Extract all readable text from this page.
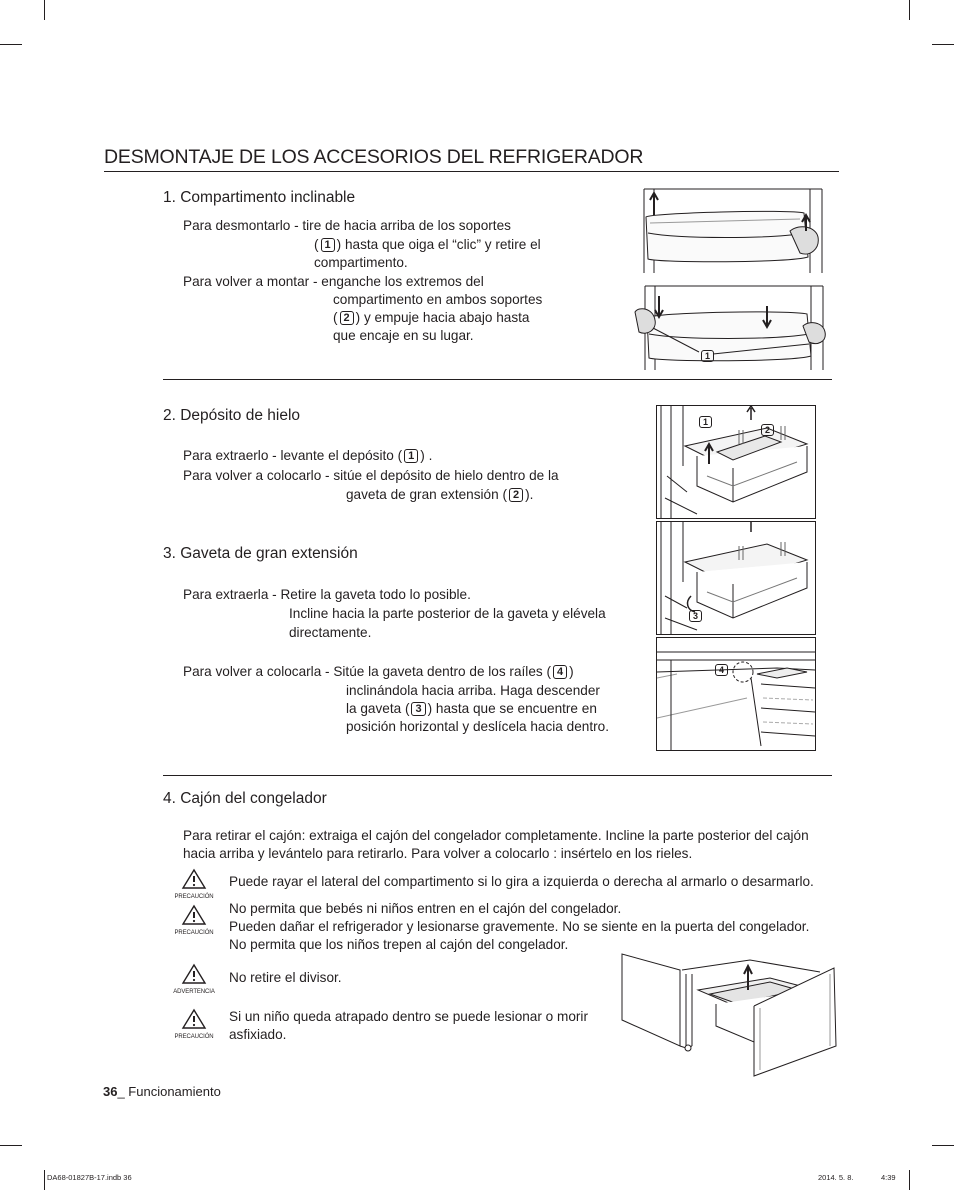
DESMONTAJE DE LOS ACCESORIOS DEL REFRIGERADOR
1. Compartimento inclinable
Para desmontarlo - tire de hacia arriba de los soportes
( 1 ) hasta que oiga el “clic” y retire el
compartimento.
Para volver a montar - enganche los extremos del
compartimento en ambos soportes
( 2 ) y empuje hacia abajo hasta
que encaje en su lugar.
1
2. Depósito de hielo
Para extraerlo - levante el depósito ( 1 ) .
Para volver a colocarlo - sitúe el depósito de hielo dentro de la
gaveta de gran extensión ( 2 ).
1
2
3. Gaveta de gran extensión
Para extraerla - Retire la gaveta todo lo posible.
Incline hacia la parte posterior de la gaveta y elévela
directamente.
Para volver a colocarla - Sitúe la gaveta dentro de los raíles ( 4 )
inclinándola hacia arriba. Haga descender
la gaveta ( 3 ) hasta que se encuentre en
posición horizontal y deslícela hacia dentro.
3
4
4. Cajón del congelador
Para retirar el cajón: extraiga el cajón del congelador completamente. Incline la parte posterior del cajón
hacia arriba y levántelo para retirarlo. Para volver a colocarlo : insértelo en los rieles.
PRECAUCIÓN
Puede rayar el lateral del compartimento si lo gira a izquierda o derecha al armarlo o desarmarlo.
PRECAUCIÓN
No permita que bebés ni niños entren en el cajón del congelador.
Pueden dañar el refrigerador y lesionarse gravemente. No se siente en la puerta del congelador.
No permita que los niños trepen al cajón del congelador.
ADVERTENCIA
No retire el divisor.
PRECAUCIÓN
Si un niño queda atrapado dentro se puede lesionar o morir
asfixiado.
36_ Funcionamiento
DA68-01827B-17.indb 36	2014. 5. 8.	4:39
